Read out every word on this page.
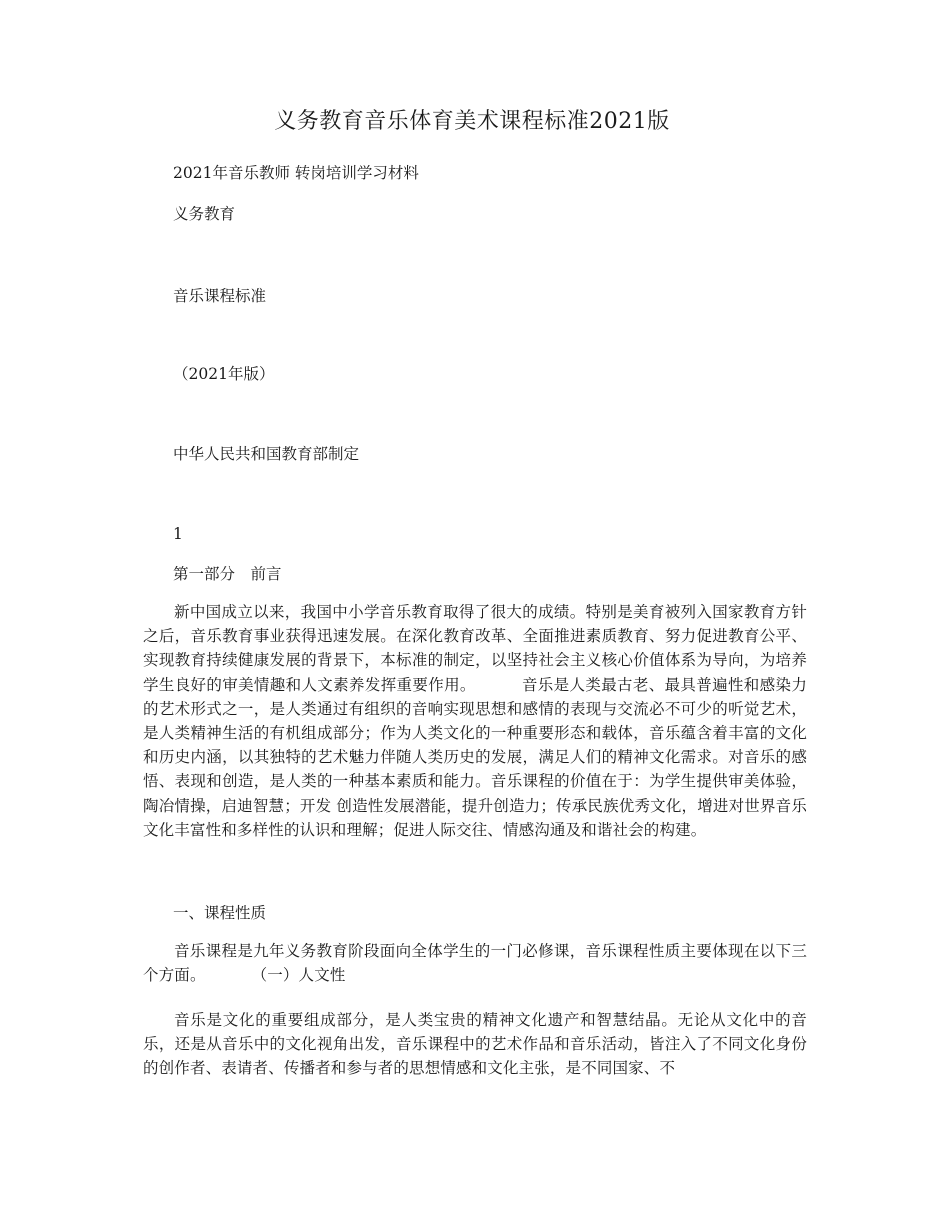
义务教育音乐体育美术课程标准2021版
2021年音乐教师 转岗培训学习材料
义务教育
音乐课程标准
（2021年版）
中华人民共和国教育部制定
1
第一部分　前言
新中国成立以来，我国中小学音乐教育取得了很大的成绩。特别是美育被列入国家教育方针之后，音乐教育事业获得迅速发展。在深化教育改革、全面推进素质教育、努力促进教育公平、实现教育持续健康发展的背景下，本标准的制定，以坚持社会主义核心价值体系为导向，为培养学生良好的审美情趣和人文素养发挥重要作用。	音乐是人类最古老、最具普遍性和感染力的艺术形式之一，是人类通过有组织的音响实现思想和感情的表现与交流必不可少的听觉艺术，是人类精神生活的有机组成部分；作为人类文化的一种重要形态和载体，音乐蕴含着丰富的文化和历史内涵，以其独特的艺术魅力伴随人类历史的发展，满足人们的精神文化需求。对音乐的感悟、表现和创造，是人类的一种基本素质和能力。音乐课程的价值在于：为学生提供审美体验，陶冶情操，启迪智慧；开发 创造性发展潜能，提升创造力；传承民族优秀文化，增进对世界音乐文化丰富性和多样性的认识和理解；促进人际交往、情感沟通及和谐社会的构建。
一、课程性质
音乐课程是九年义务教育阶段面向全体学生的一门必修课，音乐课程性质主要体现在以下三个方面。	（一）人文性
音乐是文化的重要组成部分，是人类宝贵的精神文化遗产和智慧结晶。无论从文化中的音乐，还是从音乐中的文化视角出发，音乐课程中的艺术作品和音乐活动，皆注入了不同文化身份的创作者、表请者、传播者和参与者的思想情感和文化主张，是不同国家、不
